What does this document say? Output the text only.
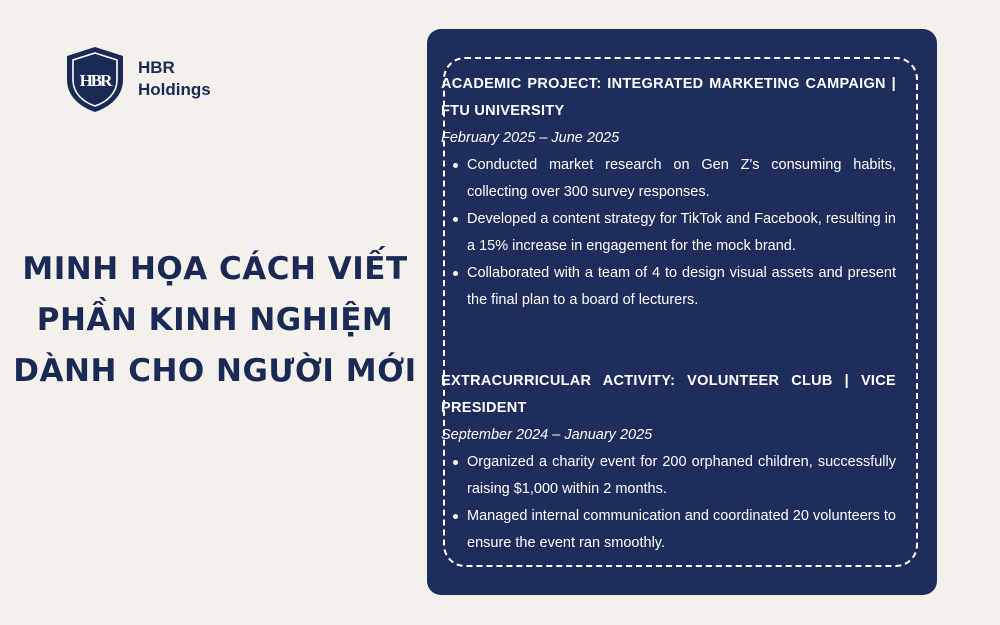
HBR
HBR
Holdings
MINH HỌA CÁCH VIẾT
PHẦN KINH NGHIỆM
DÀNH CHO NGƯỜI MỚI
ACADEMIC PROJECT: INTEGRATED MARKETING CAMPAIGN | FTU UNIVERSITY
February 2025 – June 2025
Conducted market research on Gen Z's consuming habits, collecting over 300 survey responses.
Developed a content strategy for TikTok and Facebook, resulting in a 15% increase in engagement for the mock brand.
Collaborated with a team of 4 to design visual assets and present the final plan to a board of lecturers.
EXTRACURRICULAR ACTIVITY: VOLUNTEER CLUB | VICE PRESIDENT
September 2024 – January 2025
Organized a charity event for 200 orphaned children, successfully raising $1,000 within 2 months.
Managed internal communication and coordinated 20 volunteers to ensure the event ran smoothly.
